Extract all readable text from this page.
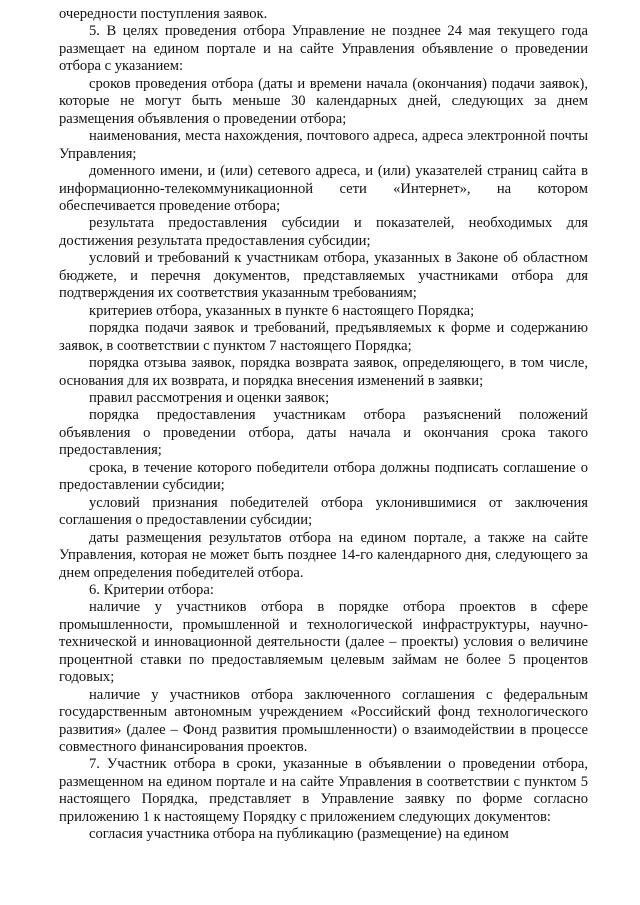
очередности поступления заявок.

5. В целях проведения отбора Управление не позднее 24 мая текущего года размещает на едином портале и на сайте Управления объявление о проведении отбора с указанием:

сроков проведения отбора (даты и времени начала (окончания) подачи заявок), которые не могут быть меньше 30 календарных дней, следующих за днем размещения объявления о проведении отбора;

наименования, места нахождения, почтового адреса, адреса электронной почты Управления;

доменного имени, и (или) сетевого адреса, и (или) указателей страниц сайта в информационно-телекоммуникационной сети «Интернет», на котором обеспечивается проведение отбора;

результата предоставления субсидии и показателей, необходимых для достижения результата предоставления субсидии;

условий и требований к участникам отбора, указанных в Законе об областном бюджете, и перечня документов, представляемых участниками отбора для подтверждения их соответствия указанным требованиям;

критериев отбора, указанных в пункте 6 настоящего Порядка;

порядка подачи заявок и требований, предъявляемых к форме и содержанию заявок, в соответствии с пунктом 7 настоящего Порядка;

порядка отзыва заявок, порядка возврата заявок, определяющего, в том числе, основания для их возврата, и порядка внесения изменений в заявки;

правил рассмотрения и оценки заявок;

порядка предоставления участникам отбора разъяснений положений объявления о проведении отбора, даты начала и окончания срока такого предоставления;

срока, в течение которого победители отбора должны подписать соглашение о предоставлении субсидии;

условий признания победителей отбора уклонившимися от заключения соглашения о предоставлении субсидии;

даты размещения результатов отбора на едином портале, а также на сайте Управления, которая не может быть позднее 14-го календарного дня, следующего за днем определения победителей отбора.

6. Критерии отбора:

наличие у участников отбора в порядке отбора проектов в сфере промышленности, промышленной и технологической инфраструктуры, научно-технической и инновационной деятельности (далее – проекты) условия о величине процентной ставки по предоставляемым целевым займам не более 5 процентов годовых;

наличие у участников отбора заключенного соглашения с федеральным государственным автономным учреждением «Российский фонд технологического развития» (далее – Фонд развития промышленности) о взаимодействии в процессе совместного финансирования проектов.

7. Участник отбора в сроки, указанные в объявлении о проведении отбора, размещенном на едином портале и на сайте Управления в соответствии с пунктом 5 настоящего Порядка, представляет в Управление заявку по форме согласно приложению 1 к настоящему Порядку с приложением следующих документов:

согласия участника отбора на публикацию (размещение) на едином
